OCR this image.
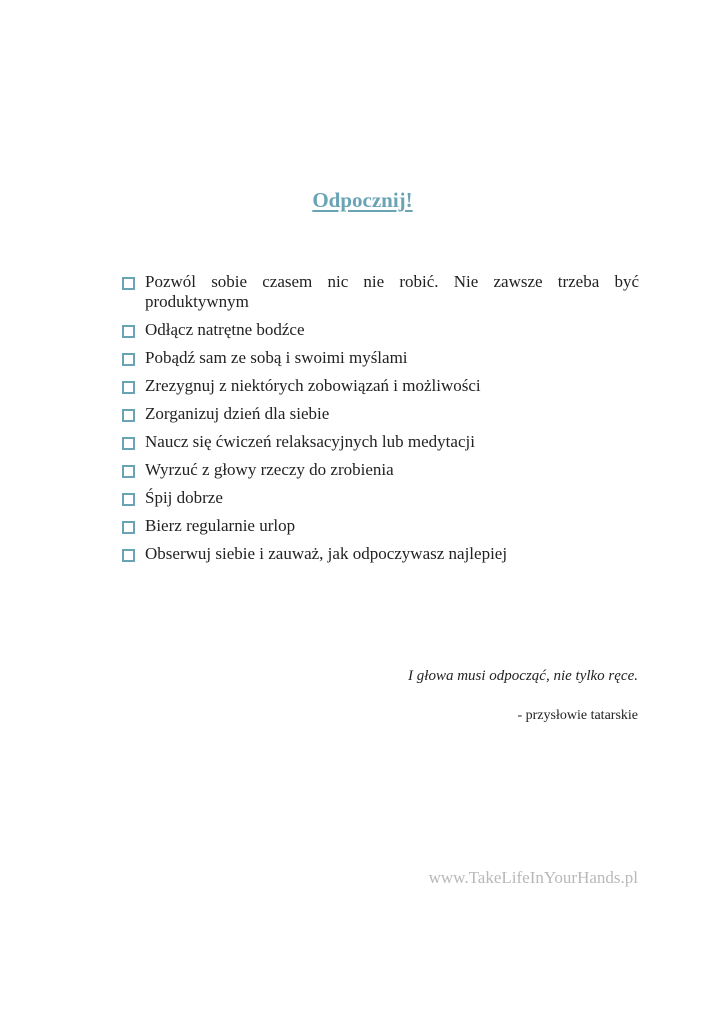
Odpocznij!
Pozwól sobie czasem nic nie robić. Nie zawsze trzeba być produktywnym
Odłącz natrętne bodźce
Pobądź sam ze sobą i swoimi myślami
Zrezygnuj z niektórych zobowiązań i możliwości
Zorganizuj dzień dla siebie
Naucz się ćwiczeń relaksacyjnych lub medytacji
Wyrzuć z głowy rzeczy do zrobienia
Śpij dobrze
Bierz regularnie urlop
Obserwuj siebie i zauważ, jak odpoczywasz najlepiej

I głowa musi odpocząć, nie tylko ręce.

- przysłowie tatarskie

www.TakeLifeInYourHands.pl
